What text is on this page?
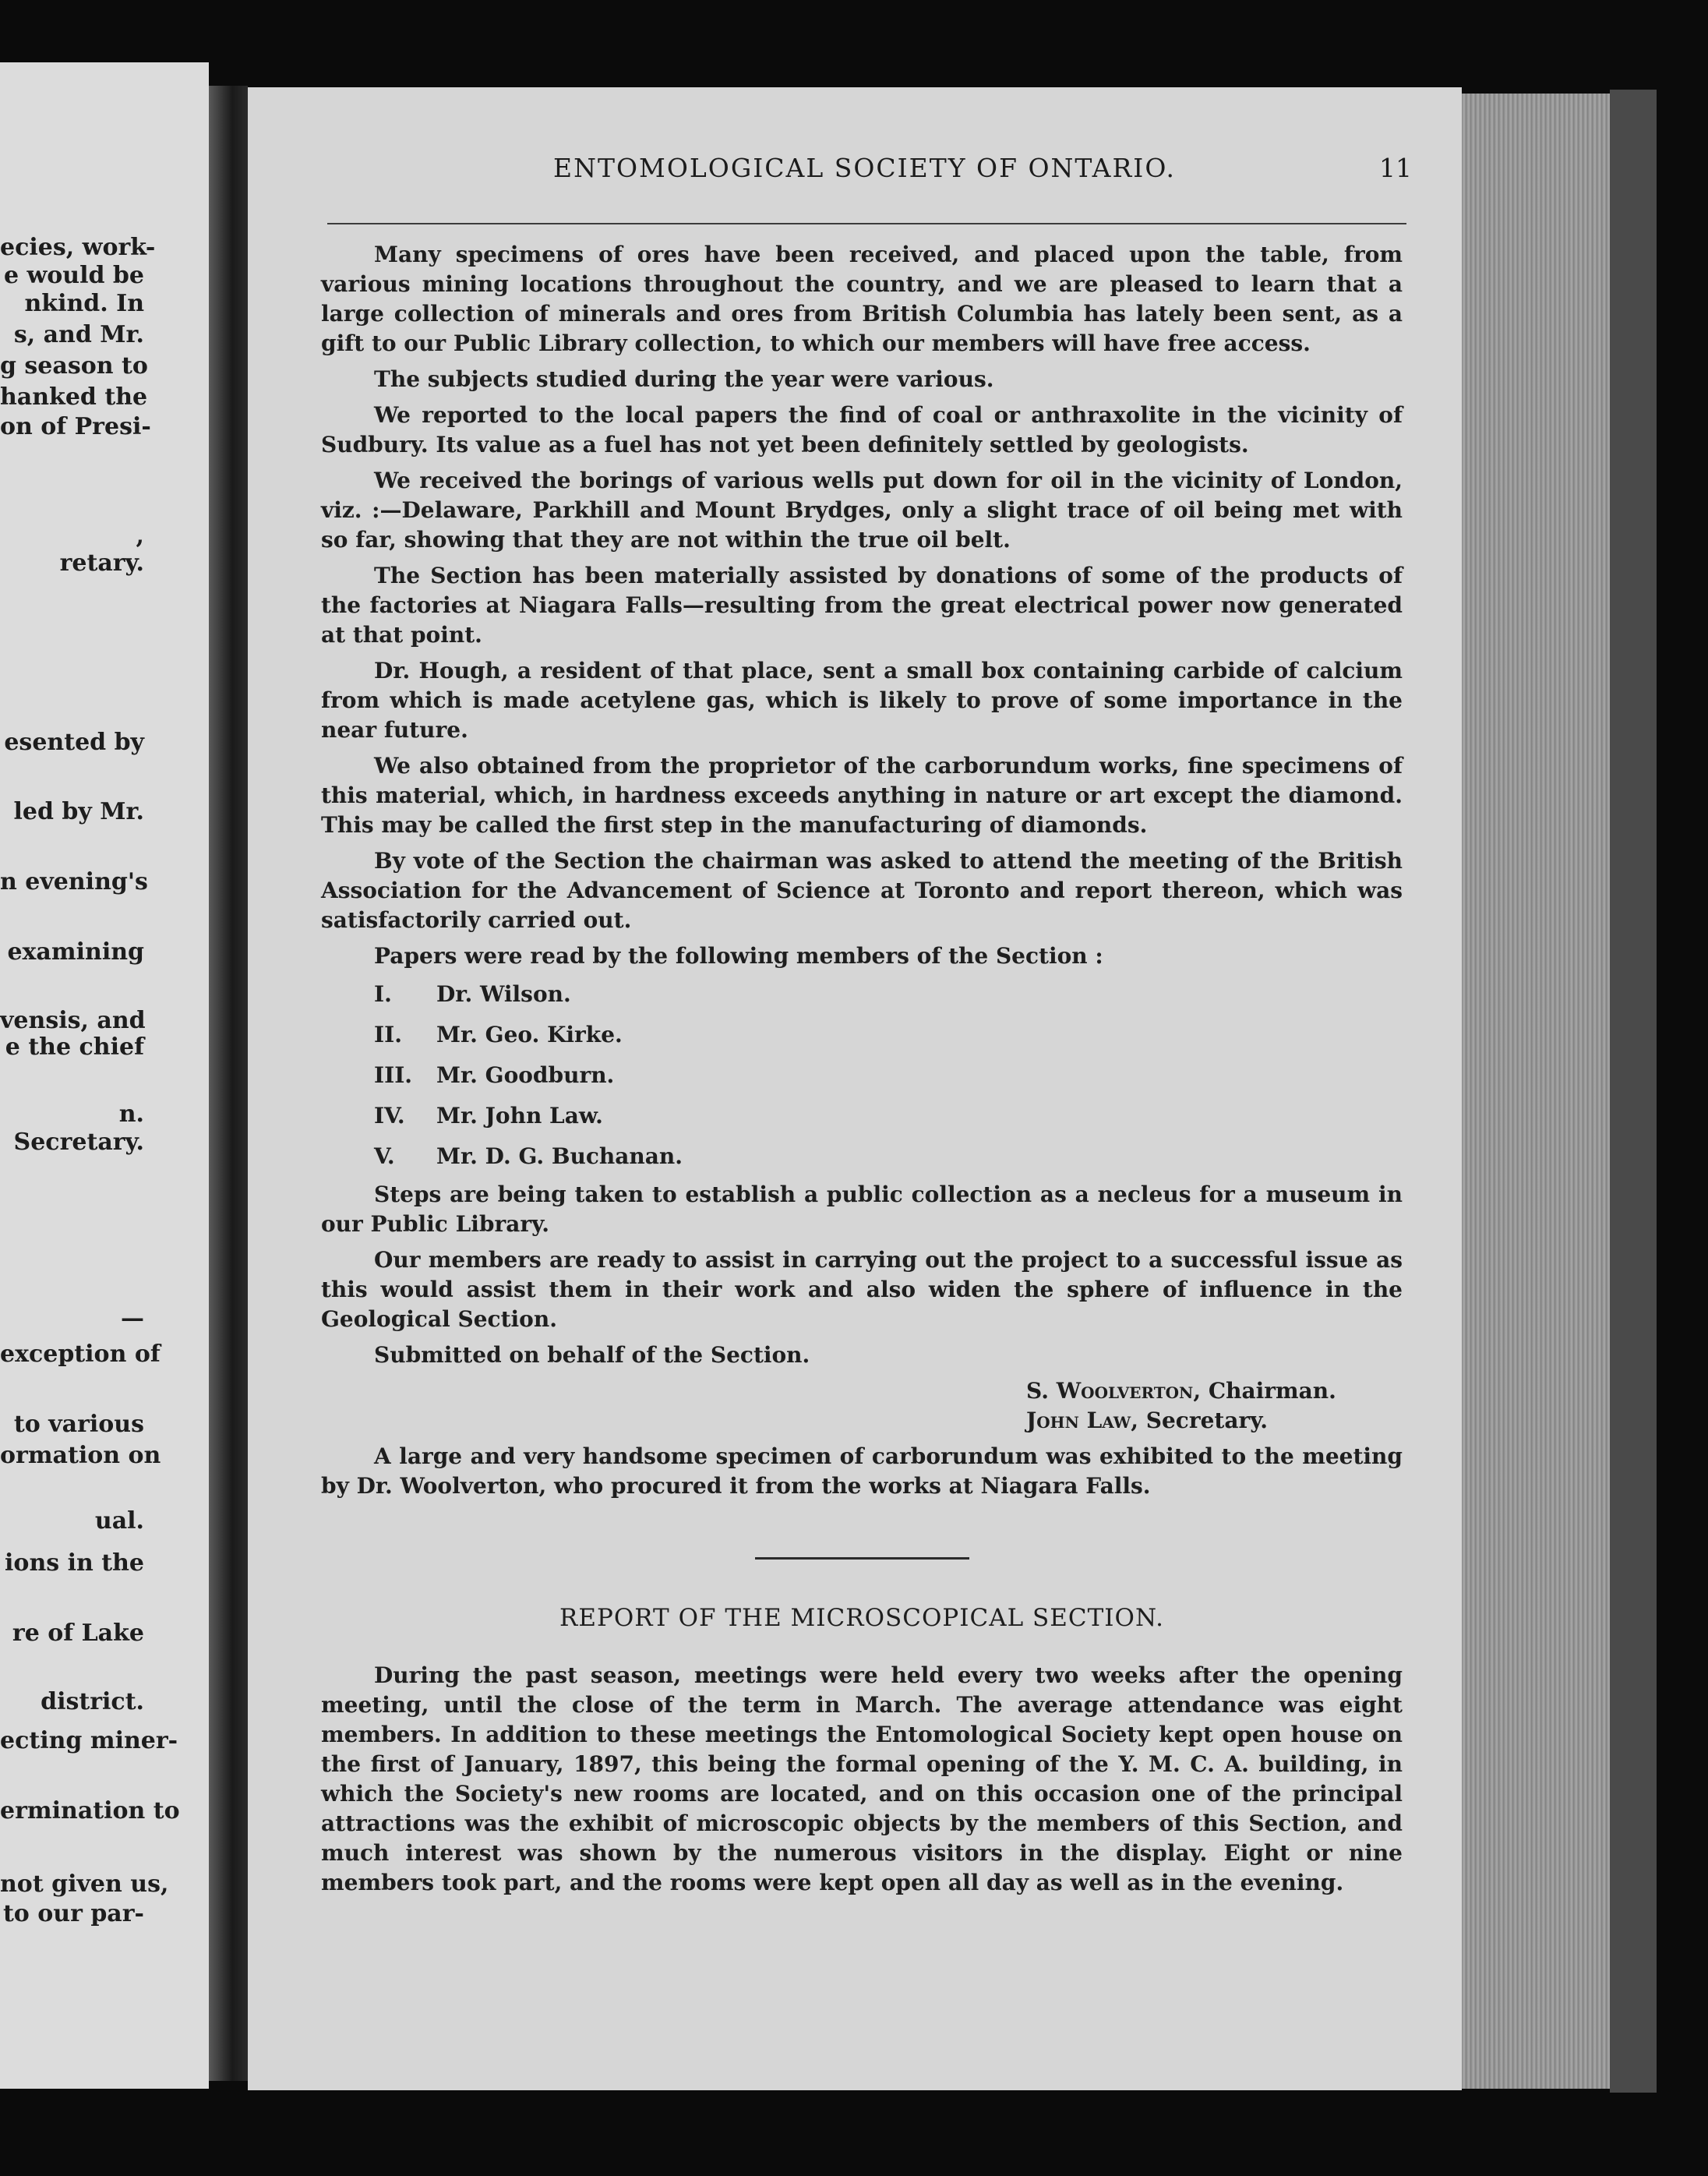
ecies, work-
e would be
nkind. In
s, and Mr.
g season to
hanked the
on of Presi-
,
retary.
esented by
led by Mr.
n evening's
examining
vensis, and
e the chief
n.
Secretary.
—
exception of
to various
ormation on
ual.
ions in the
re of Lake
district.
ecting miner-
ermination to
not given us,
to our par-
ENTOMOLOGICAL SOCIETY OF ONTARIO.	11

Many specimens of ores have been received, and placed upon the table, from various mining locations throughout the country, and we are pleased to learn that a large collection of minerals and ores from British Columbia has lately been sent, as a gift to our Public Library collection, to which our members will have free access.

The subjects studied during the year were various.

We reported to the local papers the find of coal or anthraxolite in the vicinity of Sudbury. Its value as a fuel has not yet been definitely settled by geologists.

We received the borings of various wells put down for oil in the vicinity of London, viz. :—Delaware, Parkhill and Mount Brydges, only a slight trace of oil being met with so far, showing that they are not within the true oil belt.

The Section has been materially assisted by donations of some of the products of the factories at Niagara Falls—resulting from the great electrical power now generated at that point.

Dr. Hough, a resident of that place, sent a small box containing carbide of calcium from which is made acetylene gas, which is likely to prove of some importance in the near future.

We also obtained from the proprietor of the carborundum works, fine specimens of this material, which, in hardness exceeds anything in nature or art except the diamond. This may be called the first step in the manufacturing of diamonds.

By vote of the Section the chairman was asked to attend the meeting of the British Association for the Advancement of Science at Toronto and report thereon, which was satisfactorily carried out.

Papers were read by the following members of the Section :

I. Dr. Wilson.
II. Mr. Geo. Kirke.
III. Mr. Goodburn.
IV. Mr. John Law.
V. Mr. D. G. Buchanan.

Steps are being taken to establish a public collection as a necleus for a museum in our Public Library.

Our members are ready to assist in carrying out the project to a successful issue as this would assist them in their work and also widen the sphere of influence in the Geological Section.

Submitted on behalf of the Section.

S. Woolverton, Chairman.
John Law, Secretary.

A large and very handsome specimen of carborundum was exhibited to the meeting by Dr. Woolverton, who procured it from the works at Niagara Falls.

REPORT OF THE MICROSCOPICAL SECTION.

During the past season, meetings were held every two weeks after the opening meeting, until the close of the term in March. The average attendance was eight members. In addition to these meetings the Entomological Society kept open house on the first of January, 1897, this being the formal opening of the Y. M. C. A. building, in which the Society's new rooms are located, and on this occasion one of the principal attractions was the exhibit of microscopic objects by the members of this Section, and much interest was shown by the numerous visitors in the display. Eight or nine members took part, and the rooms were kept open all day as well as in the evening.
